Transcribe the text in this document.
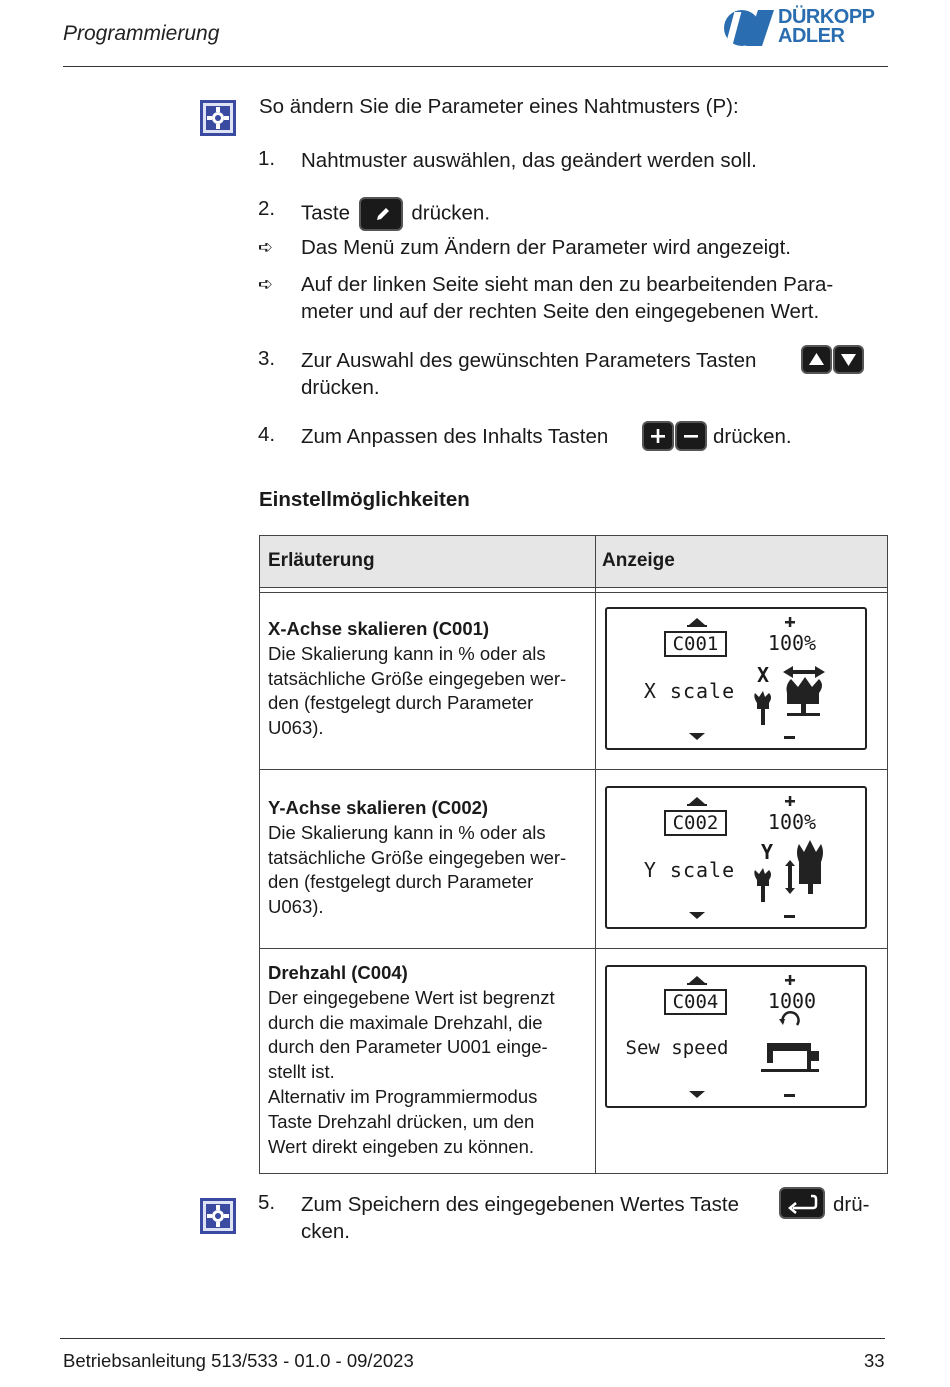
Programmierung
DÜRKOPP
ADLER
So ändern Sie die Parameter eines Nahtmusters (P):
1. Nahtmuster auswählen, das geändert werden soll.
2. Taste	drücken.
➪ Das Menü zum Ändern der Parameter wird angezeigt.
➪ Auf der linken Seite sieht man den zu bearbeitenden Para-
meter und auf der rechten Seite den eingegebenen Wert.
3. Zur Auswahl des gewünschten Parameters Tasten
drücken.
4. Zum Anpassen des Inhalts Tasten	drücken.
Einstellmöglichkeiten
Erläuterung	Anzeige
X-Achse skalieren (C001)
Die Skalierung kann in % oder als
tatsächliche Größe eingegeben wer-
den (festgelegt durch Parameter
U063).
C001	100%
X scale
X
Y-Achse skalieren (C002)
Die Skalierung kann in % oder als
tatsächliche Größe eingegeben wer-
den (festgelegt durch Parameter
U063).
C002	100%
Y scale
Y
Drehzahl (C004)
Der eingegebene Wert ist begrenzt
durch die maximale Drehzahl, die
durch den Parameter U001 einge-
stellt ist.
Alternativ im Programmiermodus
Taste Drehzahl drücken, um den
Wert direkt eingeben zu können.
C004	1000
Sew speed
5. Zum Speichern des eingegebenen Wertes Taste	drü-
cken.
Betriebsanleitung 513/533 - 01.0 - 09/2023	33
